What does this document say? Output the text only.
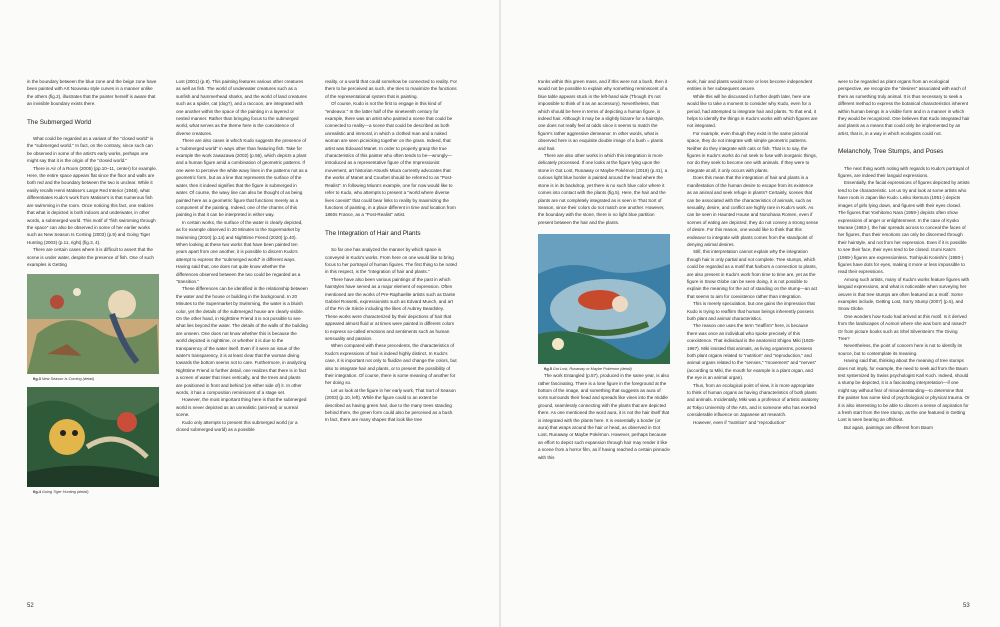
in the boundary between the blue zone and the beige zone have been painted with Art Nouveau style curves in a manner unlike the others (fig.2), illustrates that the painter herself is aware that an invisible boundary exists there.

The Submerged World

What could be regarded as a variant of the "closed world" is the "submerged world." In fact, on the contrary, since such can be observed in some of the artist's early works, perhaps one might say that it is the origin of the "closed world."

There is Air of a Room (2005) (pp.10–11, center) for example. Here, the entire space appears flat since the floor and walls are both red and the boundary between the two is unclear. While it easily recalls Henri Matisse's Large Red Interior (1948), what differentiates Kudo's work from Matisse's is that numerous fish are swimming in the room. Once noticing this fact, one realizes that what is depicted is both indoors and underwater, in other words, a submerged world. This motif of "fish swimming through the space" can also be observed in some of her earlier works such as New Season Is Coming (2003) (p.9) and Going Tiger Hunting (2003) (p.11, right) (fig.3, 4).

There are certain cases where it is difficult to assert that the scene is under water, despite the presence of fish. One of such examples is Getting

fig.3 New Season Is Coming (detail)

fig.4 Going Tiger Hunting (detail)

Lost (2001) (p.8). This painting features various other creatures as well as fish. The world of underwater creatures such as a sunfish and hammerhead sharks, and the world of land creatures such as a spider, cat (dog?), and a raccoon, are integrated with one another within the space of the painting in a layered or nested manner. Rather than bringing focus to the submerged world, what serves as the theme here is the coexistence of diverse creatures.

There are also cases in which Kudo suggests the presence of a "submerged world" in ways other than featuring fish. Take for example the work zawazawa (2002) (p.56), which depicts a plant and a human figure amid a combination of geometric patterns. If one were to perceive the white wavy lines in the patterns not as a geometric form, but as a line that represents the surface of the water, then it indeed signifies that the figure is submerged in water. Of course, the wavy line can also be thought of as being painted here as a geometric figure that functions merely as a component of the painting. Indeed, one of the charms of this painting is that it can be interpreted in either way.

In certain works, the surface of the water is clearly depicted, as for example observed in 20 Minutes to the Supermarket by Swimming (2010) (p.14) and Nighttime Friend (2020) (p.40). When looking at these two works that have been painted ten years apart from one another, it is possible to discern Kudo's attempt to express the "submerged world" in different ways. Having said that, one does not quite know whether the differences observed between the two could be regarded as a "transition."

These differences can be identified in the relationship between the water and the house or building in the background. In 20 Minutes to the Supermarket by Swimming, the water is a bluish color, yet the details of the submerged house are clearly visible. On the other hand, in Nighttime Friend it is not possible to see what lies beyond the water. The details of the walls of the building are unseen. One does not know whether this is because the world depicted is nighttime, or whether it is due to the transparency of the water itself. Even if it were an issue of the water's transparency, it is at least clear that the woman diving towards the bottom seems not to care. Furthermore, in analyzing Nighttime Friend in further detail, one realizes that there is in fact a screen of water that rises vertically, and the trees and plants are positioned in front and behind (on either side of) it. In other words, it has a composition reminiscent of a stage set.

However, the most important thing here is that the submerged world is never depicted as an unrealistic (anti-real) or surreal scene.

Kudo only attempts to present this submerged world (or a closed submerged world) as a possible

reality, or a world that could somehow be connected to reality. For them to be perceived as such, she tries to maximize the functions of the representational system that is painting.

Of course, Kudo is not the first to engage in this kind of "endeavor." In the latter half of the nineteenth century for example, there was an artist who painted a scene that could be connected to reality—a scene that could be described as both unrealistic and immoral, in which a clothed man and a naked woman are seen picnicking together on the grass. Indeed, that artist was Édouard Manet. In order to properly grasp the true characteristics of this painter who often tends to be—wrongly—introduced as a representative figure of the Impressionist movement, art historian Atsushi Miura currently advocates that the works of Manet and Courbet should be referred to as "Post-Realist". In following Miura's example, one for now would like to refer to Kudo, who attempts to present a "world where diverse lives coexist" that could bear links to reality by maximizing the functions of painting, in a place different in time and location from 1860s France, as a "Post-Realist" artist.

The Integration of Hair and Plants

So far one has analyzed the manner by which space is conveyed in Kudo's works. From here on one would like to bring focus to her portrayal of human figures. The first thing to be noted in this respect, is the "integration of hair and plants."

There have also been various paintings of the past in which hairstyles have served as a major element of expression. Often mentioned are the works of Pre-Raphaelite artists such as Dante Gabriel Rossetti, expressionists such as Edvard Munch, and art of the Fin de Siècle including the likes of Aubrey Beardsley. These works were characterized by their depictions of hair that appeared almost fluid or at times were painted in different colors to express so-called emotions and sentiments such as human sensuality and passion.

When compared with these precedents, the characteristics of Kudo's expressions of hair is indeed highly distinct. In Kudo's case, it is important not only to fluidize and change the colors, but also to integrate hair and plants, or to present the possibility of their integration. Of course, there is some meaning of another for her doing so.

Let us look at the figure in her early work, That Sort of Season (2003) (p.10, left). While the figure could to an extent be described as having green hair, due to the many trees standing behind them, the green form could also be perceived as a bush. In fact, there are many shapes that look like tree

trunks within this green mass, and if this were not a bush, then it would not be possible to explain why something reminiscent of a blue table appears stuck in the left-hand side (Though it's not impossible to think of it as an accessory). Nevertheless, that which should be here in terms of depicting a human figure, is indeed hair. Although it may be a slightly bizarre for a hairstyle, one does not really feel at odds since it seems to match the figure's rather aggressive demeanor. In other words, what is observed here is an exquisite double image of a bush = plants and hair.

There are also other works in which this integration is more delicately processed. If one looks at the figure lying upon the stone in Got Lost, Runaway or Maybe Pokémon (2019) (p.41), a curious light blue border is painted around the head where the stone is in its backdrop, yet there is no such blue color where it comes into contact with the plants (fig.5). Here, the hair and the plants are not completely integrated as is seen in That Sort of Season, since their colors do not match one another. However, the boundary with the stone, there is no light blue partition present between the hair and the plants.

fig.5 Got Lost, Runaway or Maybe Pokémon (detail)

The work Entangled (p.57), produced in the same year, is also rather fascinating. There is a lone figure in the foreground at the bottom of the image, and something that suggests an aura of sorts surrounds their head and spreads like vines into the middle ground, seamlessly connecting with the plants that are depicted there. As one mentioned the word aura, it is not the hair itself that is integrated with the plants here. It is essentially a border (or aura) that wraps around the hair or head, as observed in Got Lost, Runaway or Maybe Pokémon. However, perhaps because an effort to depict such expansion through hair may render it like a scene from a horror film, as if having reached a certain pinnacle with this

work, hair and plants would more or less become independent entities in her subsequent oeuvre.

While this will be discussed in further depth later, here one would like to take a moment to consider why Kudo, even for a period, had attempted to integrate hair and plants. To that end, it helps to identify the things in Kudo's works with which figures are not integrated.

For example, even though they exist in the same pictorial space, they do not integrate with simple geometric patterns. Neither do they integrate with cats or fish. That is to say, the figures in Kudo's works do not seek to fuse with inorganic things, nor do they seek to become one with animals. If they were to integrate at all, it only occurs with plants.

Does this mean that the integration of hair and plants is a manifestation of the human desire to escape from its existence as an animal and seek refuge in plants? Certainly, scenes that can be associated with the characteristics of animals, such as sexuality, desire, and conflict are highly rare in Kudo's work. As can be seen in Haunted House and Nonohana Romen, even if scenes of eating are depicted, they do not convey a strong sense of desire. For this reason, one would like to think that this endeavor to integrate with plants comes from the standpoint of denying animal desires.

Still, this interpretation cannot explain why the integration though hair is only partial and not complete. Tree stumps, which could be regarded as a motif that harbors a connection to plants, are also present in Kudo's work from time to time are, yet as the figure in Snow Globe can be seen doing, it is not possible to explain the meaning for the act of standing on the stump—an act that seems to aim for coexistence rather than integration.

This is merely speculation, but one gains the impression that Kudo is trying to reaffirm that human beings inherently possess both plant and animal characteristics.

The reason one uses the term "reaffirm" here, is because there was once an individual who spoke precisely of this coexistence. That individual is the anatomist Shigeo Miki (1925-1987). Miki insisted that animals, as living organisms, possess both plant organs related to "nutrition" and "reproduction," and animal organs related to the "senses," "movement" and "nerves" (according to Miki, the mouth for example is a plant organ, and the eye is an animal organ).

Thus, from an ecological point of view, it is more appropriate to think of human organs as having characteristics of both plants and animals. Incidentally, Miki was a professor of artistic anatomy at Tokyo University of the Arts, and is someone who has exerted considerable influence on Japanese art research.

However, even if "nutrition" and "reproduction"

were to be regarded as plant organs from an ecological perspective, we recognize the "desires" associated with each of them as something truly animal. It is thus necessary to seek a different method to express the botanical characteristics inherent within human beings in a visible form and in a manner in which they would be recognized. One believes that Kudo integrated hair and plants as a means that could only be implemented by an artist, that is, in a way in which ecologists could not.

Melancholy, Tree Stumps, and Poses

The next thing worth noting with regards to Kudo's portrayal of figures, are indeed their languid expressions.

Essentially, the facial expressions of figures depicted by artists tend to be characteristic. Let us try and look at some artists who have roots in Japan like Kudo. Leiko Ikemura (1951-) depicts images of girls lying down, and figures with their eyes closed. The figures that Yoshitomo Nara (1959-) depicts often show expressions of anger or enlightenment. In the case of Kyoko Murase (1963-), the hair spreads across to conceal the faces of her figures, thus their emotions can only be discerned through their hairstyle, and not from her expression. Even if it is possible to see their face, their eyes tend to be closed. Izumi Kato's (1969-) figures are expressionless. Toshiyuki Konishi's (1980-) figures have dots for eyes, making it more or less impossible to read their expressions.

Among such artists, many of Kudo's works feature figures with languid expressions, and what is noticeable when surveying her oeuvre is that tree stumps are often featured as a motif. Some examples include, Getting Lost, Sorry Stump (2007) (p.5), and Snow Globe.

One wonders how Kudo had arrived at this motif. Is it derived from the landscapes of Aomori where she was born and raised? Or from picture books such as Shel Silverstein's The Giving Tree?

Nevertheless, the point of concern here is not to identify its source, but to contemplate its meaning.

Having said that, thinking about the meaning of tree stumps does not imply, for example, the need to seek aid from the Baum test systemized by Swiss psychologist Karl Koch. Indeed, should a stump be depicted, it is a fascinating interpretation—if one might say without fear of misunderstanding—to determine that the painter has some kind of psychological or physical trauma. Or it is also interesting to be able to discern a sense of aspiration for a fresh start from the tree stump, as the one featured in Getting Lost is seen bearing an offshoot.

But again, paintings are different from Baum

52	53
